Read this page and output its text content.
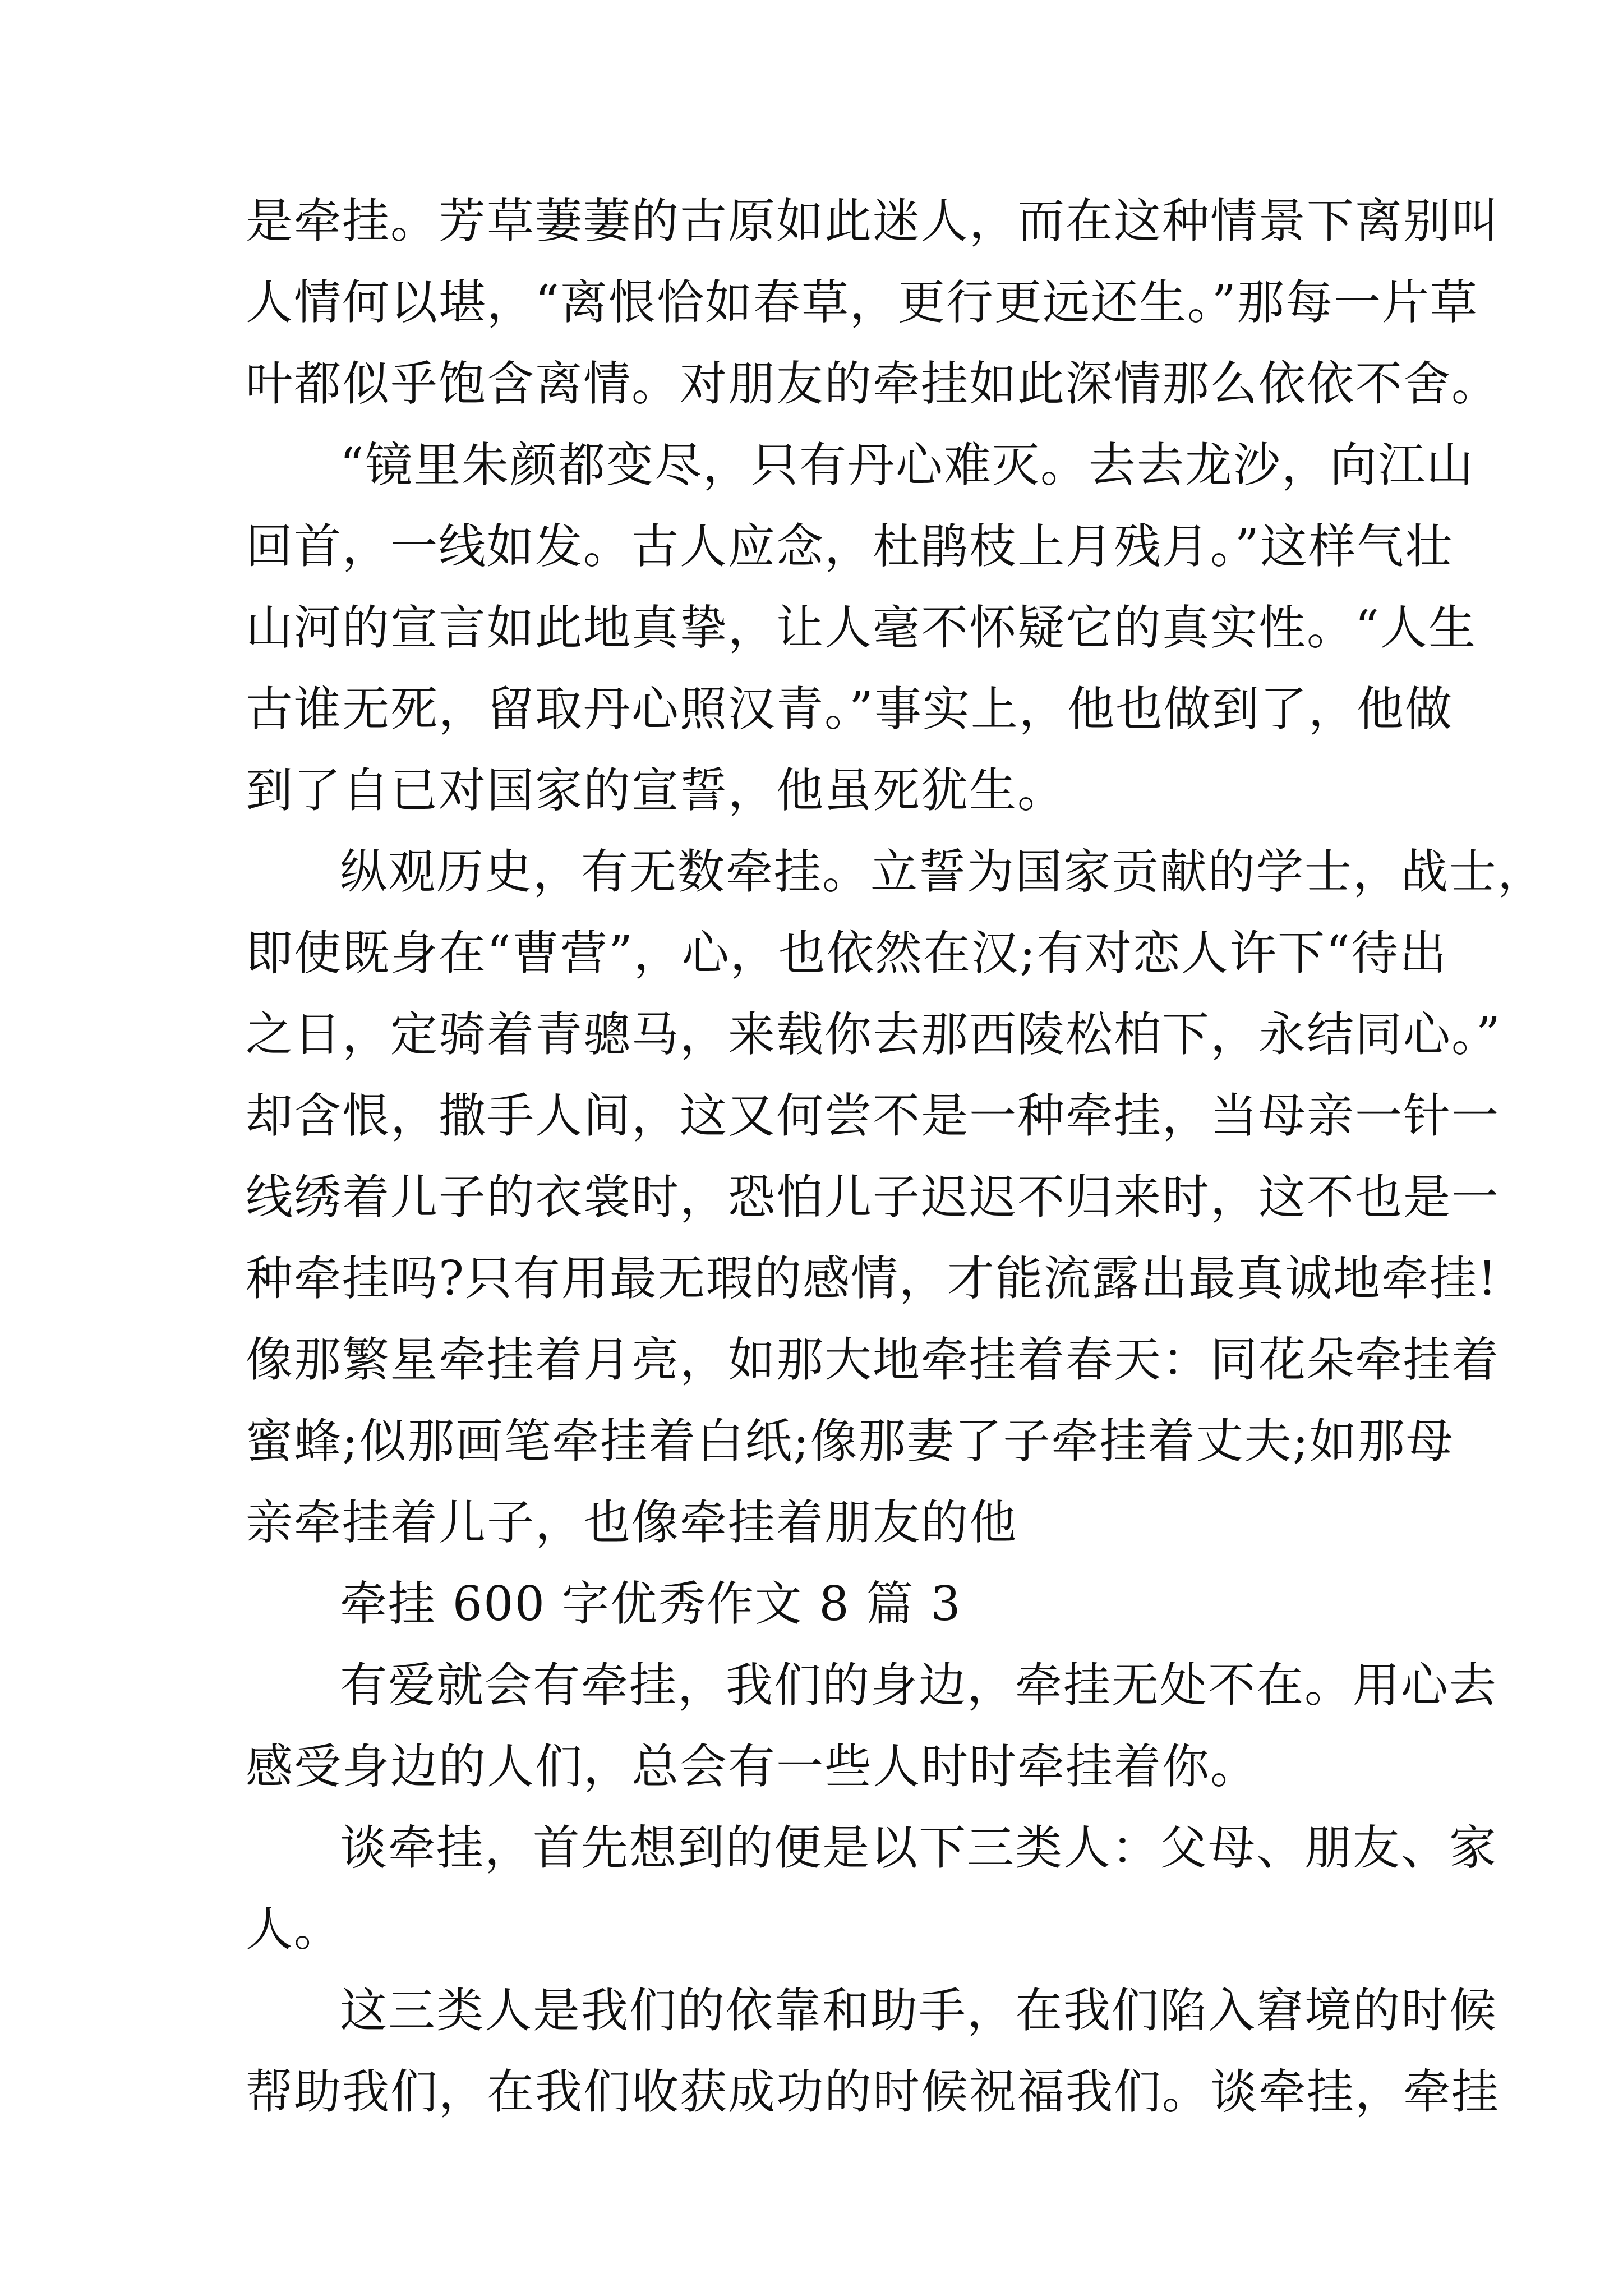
是牵挂。芳草萋萋的古原如此迷人，而在这种情景下离别叫
人情何以堪，“离恨恰如春草，更行更远还生。”那每一片草
叶都似乎饱含离情。对朋友的牵挂如此深情那么依依不舍。
“镜里朱颜都变尽，只有丹心难灭。去去龙沙，向江山
回首，一线如发。古人应念，杜鹃枝上月残月。”这样气壮
山河的宣言如此地真挚，让人毫不怀疑它的真实性。“人生
古谁无死，留取丹心照汉青。”事实上，他也做到了，他做
到了自已对国家的宣誓，他虽死犹生。
纵观历史，有无数牵挂。立誓为国家贡献的学士，战士，
即使既身在“曹营”，心，也依然在汉;有对恋人许下“待出
之日，定骑着青骢马，来载你去那西陵松柏下，永结同心。”
却含恨，撒手人间，这又何尝不是一种牵挂，当母亲一针一
线绣着儿子的衣裳时，恐怕儿子迟迟不归来时，这不也是一
种牵挂吗?只有用最无瑕的感情，才能流露出最真诚地牵挂!
像那繁星牵挂着月亮，如那大地牵挂着春天：同花朵牵挂着
蜜蜂;似那画笔牵挂着白纸;像那妻了子牵挂着丈夫;如那母
亲牵挂着儿子，也像牵挂着朋友的他
牵挂 600 字优秀作文 8 篇 3
有爱就会有牵挂，我们的身边，牵挂无处不在。用心去
感受身边的人们，总会有一些人时时牵挂着你。
谈牵挂，首先想到的便是以下三类人：父母、朋友、家
人。
这三类人是我们的依靠和助手，在我们陷入窘境的时候
帮助我们，在我们收获成功的时候祝福我们。谈牵挂，牵挂
